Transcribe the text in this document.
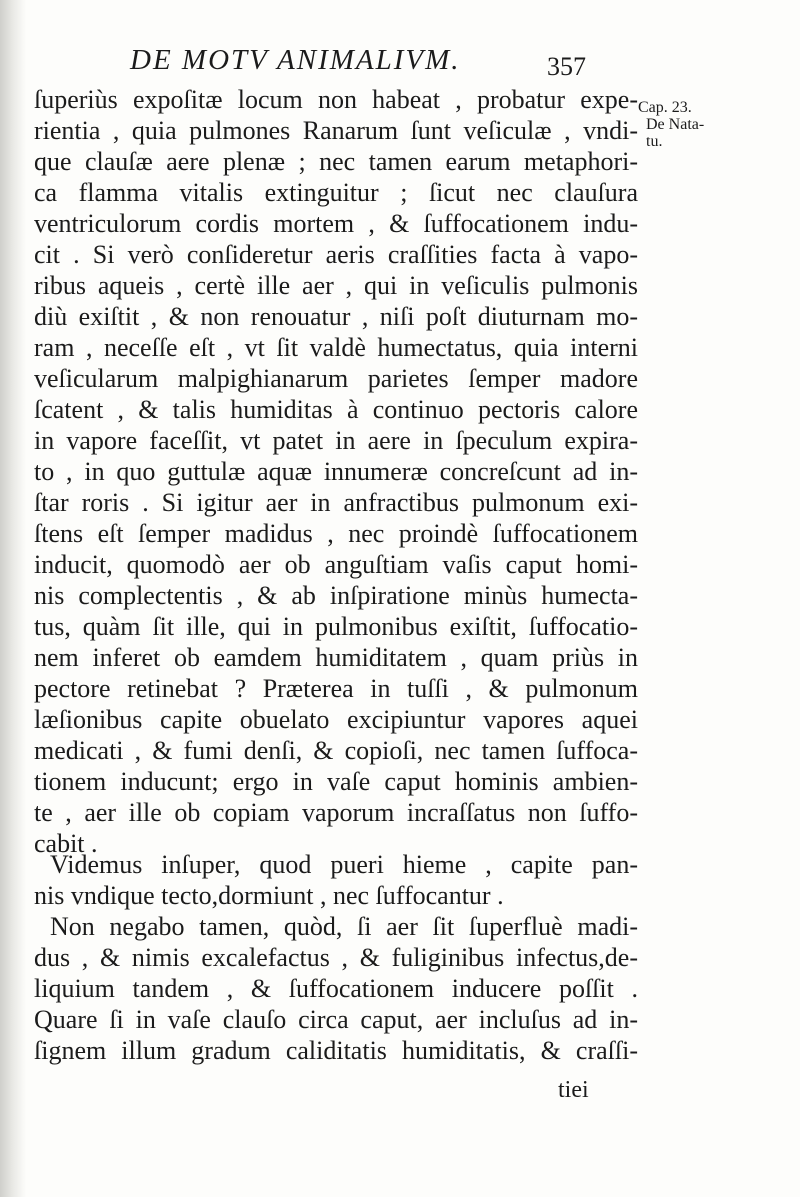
DE MOTV ANIMALIVM.	357
Cap. 23.
De Nata-
tu.
ſuperiùs expoſitæ locum non habeat , probatur expe-
rientia , quia pulmones Ranarum ſunt veſiculæ , vndi-
que clauſæ aere plenæ ; nec tamen earum metaphori-
ca flamma vitalis extinguitur ; ſicut nec clauſura
ventriculorum cordis mortem , & ſuffocationem indu-
cit . Si verò conſideretur aeris craſſities facta à vapo-
ribus aqueis , certè ille aer , qui in veſiculis pulmonis
diù exiſtit , & non renouatur , niſi poſt diuturnam mo-
ram , neceſſe eſt , vt ſit valdè humectatus, quia interni
veſicularum malpighianarum parietes ſemper madore
ſcatent , & talis humiditas à continuo pectoris calore
in vapore faceſſit, vt patet in aere in ſpeculum expira-
to , in quo guttulæ aquæ innumeræ concreſcunt ad in-
ſtar roris . Si igitur aer in anfractibus pulmonum exi-
ſtens eſt ſemper madidus , nec proindè ſuffocationem
inducit, quomodò aer ob anguſtiam vaſis caput homi-
nis complectentis , & ab inſpiratione minùs humecta-
tus, quàm ſit ille, qui in pulmonibus exiſtit, ſuffocatio-
nem inferet ob eamdem humiditatem , quam priùs in
pectore retinebat ? Præterea in tuſſi , & pulmonum
læſionibus capite obuelato excipiuntur vapores aquei
medicati , & fumi denſi, & copioſi, nec tamen ſuffoca-
tionem inducunt; ergo in vaſe caput hominis ambien-
te , aer ille ob copiam vaporum incraſſatus non ſuffo-
cabit .
Videmus inſuper, quod pueri hieme , capite pan-
nis vndique tecto,dormiunt , nec ſuffocantur .
Non negabo tamen, quòd, ſi aer ſit ſuperfluè madi-
dus , & nimis excalefactus , & fuliginibus infectus,de-
liquium tandem , & ſuffocationem inducere poſſit .
Quare ſi in vaſe clauſo circa caput, aer incluſus ad in-
ſignem illum gradum caliditatis humiditatis, & craſſi-
tiei
